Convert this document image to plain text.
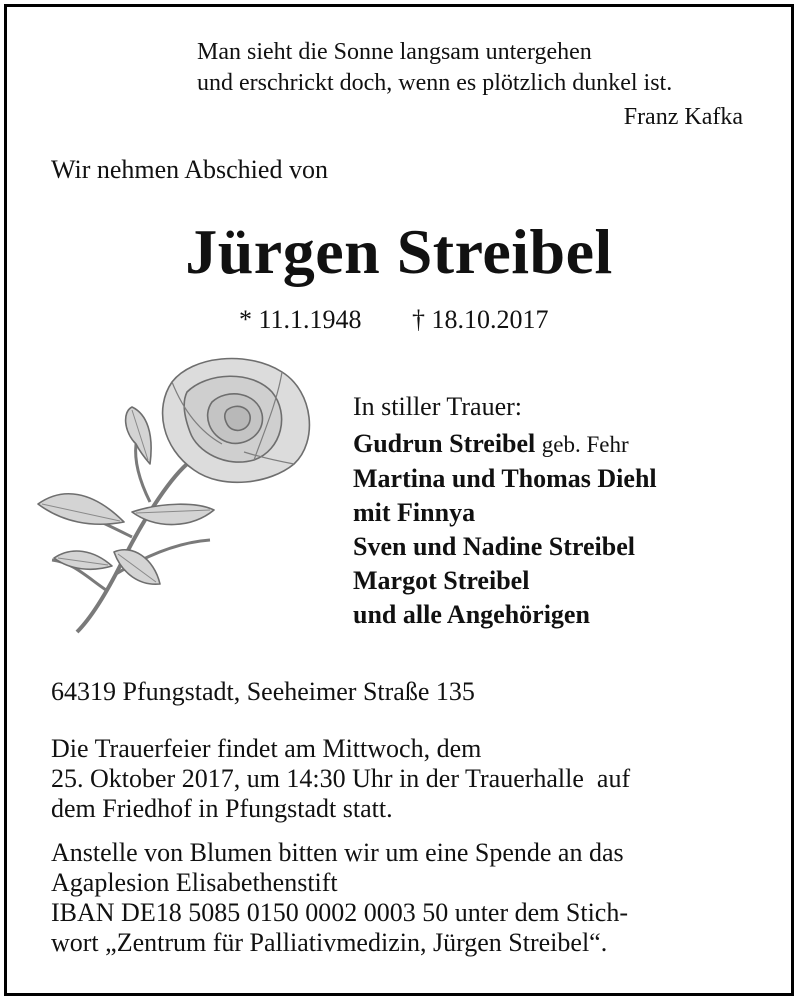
Man sieht die Sonne langsam untergehen
und erschrickt doch, wenn es plötzlich dunkel ist.
Franz Kafka
Wir nehmen Abschied von
Jürgen Streibel
* 11.1.1948 † 18.10.2017
In stiller Trauer:
Gudrun Streibel geb. Fehr
Martina und Thomas Diehl
mit Finnya
Sven und Nadine Streibel
Margot Streibel
und alle Angehörigen
64319 Pfungstadt, Seeheimer Straße 135
Die Trauerfeier findet am Mittwoch, dem
25. Oktober 2017, um 14:30 Uhr in der Trauerhalle  auf
dem Friedhof in Pfungstadt statt.
Anstelle von Blumen bitten wir um eine Spende an das
Agaplesion Elisabethenstift
IBAN DE18 5085 0150 0002 0003 50 unter dem Stich-
wort „Zentrum für Palliativmedizin, Jürgen Streibel“.
